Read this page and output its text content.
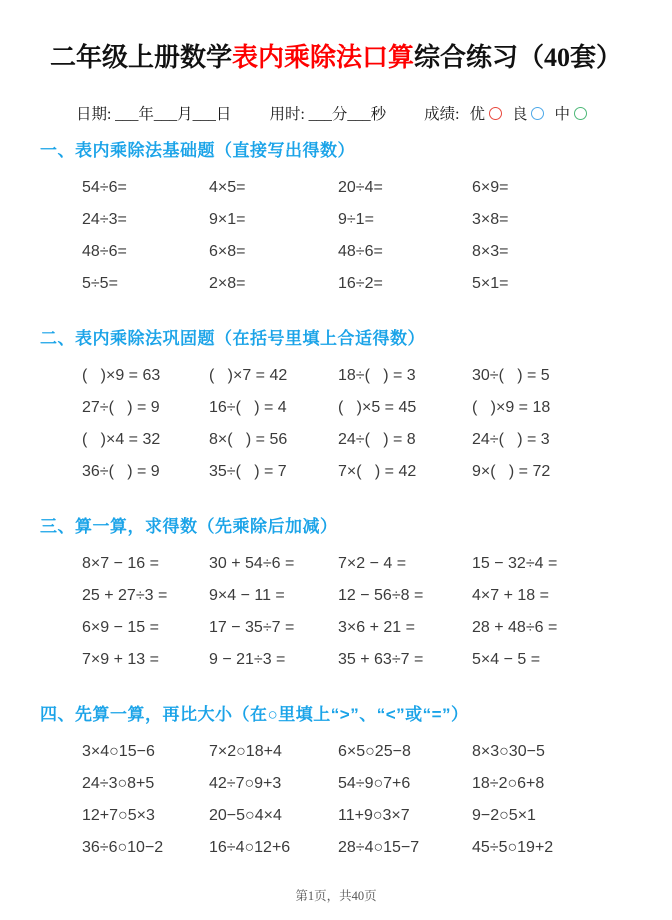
二年级上册数学表内乘除法口算综合练习（40套）
日期: ___年___月___日 用时: ___分___秒 成绩: 优 良 中
一、表内乘除法基础题（直接写出得数）
54÷6=	4×5=	20÷4=	6×9=
24÷3=	9×1=	9÷1=	3×8=
48÷6=	6×8=	48÷6=	8×3=
5÷5=	2×8=	16÷2=	5×1=
二、表内乘除法巩固题（在括号里填上合适得数）
(   )×9 = 63	(   )×7 = 42	18÷(   ) = 3	30÷(   ) = 5
27÷(   ) = 9	16÷(   ) = 4	(   )×5 = 45	(   )×9 = 18
(   )×4 = 32	8×(   ) = 56	24÷(   ) = 8	24÷(   ) = 3
36÷(   ) = 9	35÷(   ) = 7	7×(   ) = 42	9×(   ) = 72
三、算一算，求得数（先乘除后加减）
8×7 − 16 =	30 + 54÷6 =	7×2 − 4 =	15 − 32÷4 =
25 + 27÷3 =	9×4 − 11 =	12 − 56÷8 =	4×7 + 18 =
6×9 − 15 =	17 − 35÷7 =	3×6 + 21 =	28 + 48÷6 =
7×9 + 13 =	9 − 21÷3 =	35 + 63÷7 =	5×4 − 5 =
四、先算一算，再比大小（在○里填上“>”、“<”或“=”）
3×4○15−6	7×2○18+4	6×5○25−8	8×3○30−5
24÷3○8+5	42÷7○9+3	54÷9○7+6	18÷2○6+8
12+7○5×3	20−5○4×4	11+9○3×7	9−2○5×1
36÷6○10−2	16÷4○12+6	28÷4○15−7	45÷5○19+2
第1页，共40页
